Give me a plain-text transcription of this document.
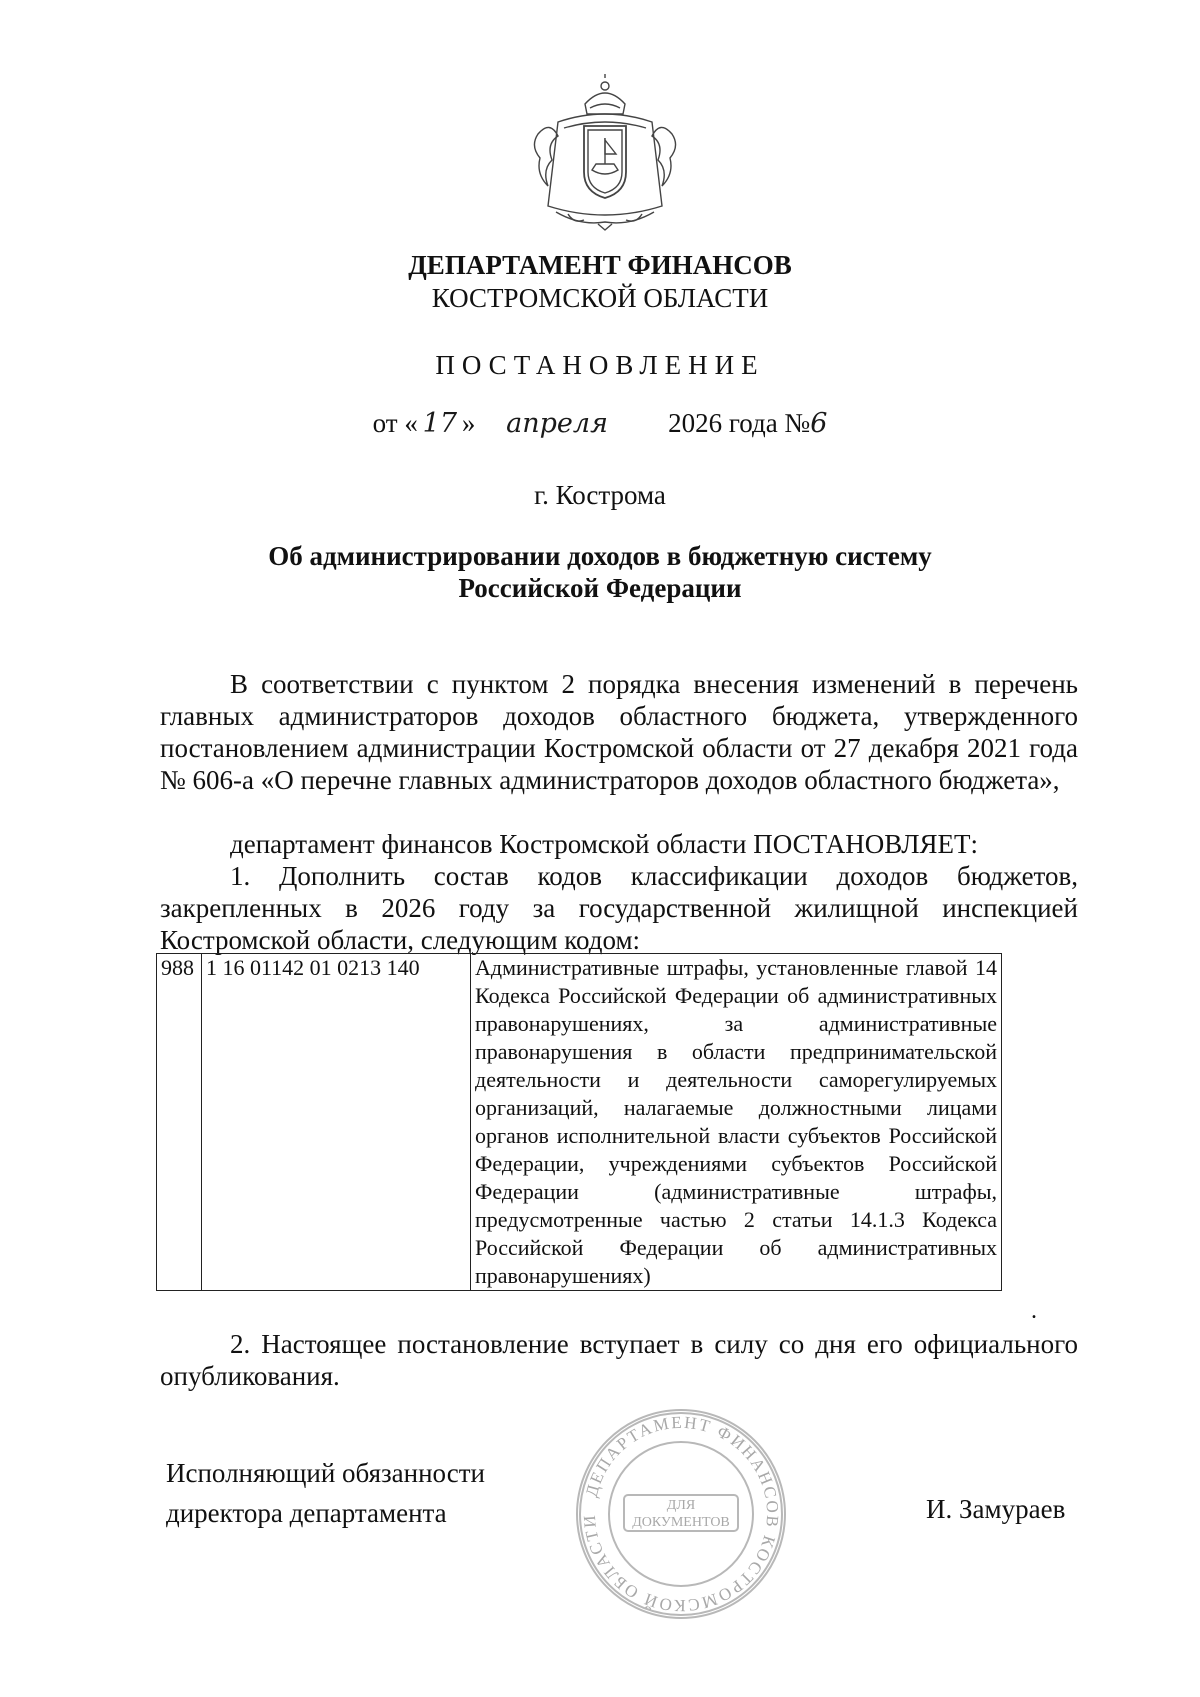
ДЕПАРТАМЕНТ ФИНАНСОВ
КОСТРОМСКОЙ ОБЛАСТИ
ПОСТАНОВЛЕНИЕ
от « 17 » апреля 2026 года №6
г. Кострома
Об администрировании доходов в бюджетную систему
Российской Федерации

В соответствии с пунктом 2 порядка внесения изменений в перечень главных администраторов доходов областного бюджета, утвержденного постановлением администрации Костромской области от 27 декабря 2021 года № 606-а «О перечне главных администраторов доходов областного бюджета»,

департамент финансов Костромской области ПОСТАНОВЛЯЕТ:

1. Дополнить состав кодов классификации доходов бюджетов, закрепленных в 2026 году за государственной жилищной инспекцией Костромской области, следующим кодом:

988	1 16 01142 01 0213 140	Административные штрафы, установленные главой 14 Кодекса Российской Федерации об административных правонарушениях, за административные правонарушения в области предпринимательской деятельности и деятельности саморегулируемых организаций, налагаемые должностными лицами органов исполнительной власти субъектов Российской Федерации, учреждениями субъектов Российской Федерации (административные штрафы, предусмотренные частью 2 статьи 14.1.3 Кодекса Российской Федерации об административных правонарушениях)
.

2. Настоящее постановление вступает в силу со дня его официального опубликования.

Исполняющий обязанности
директора департамента
ДЕПАРТАМЕНТ ФИНАНСОВ КОСТРОМСКОЙ ОБЛАСТИ
ДЛЯ
ДОКУМЕНТОВ	И. Замураев
